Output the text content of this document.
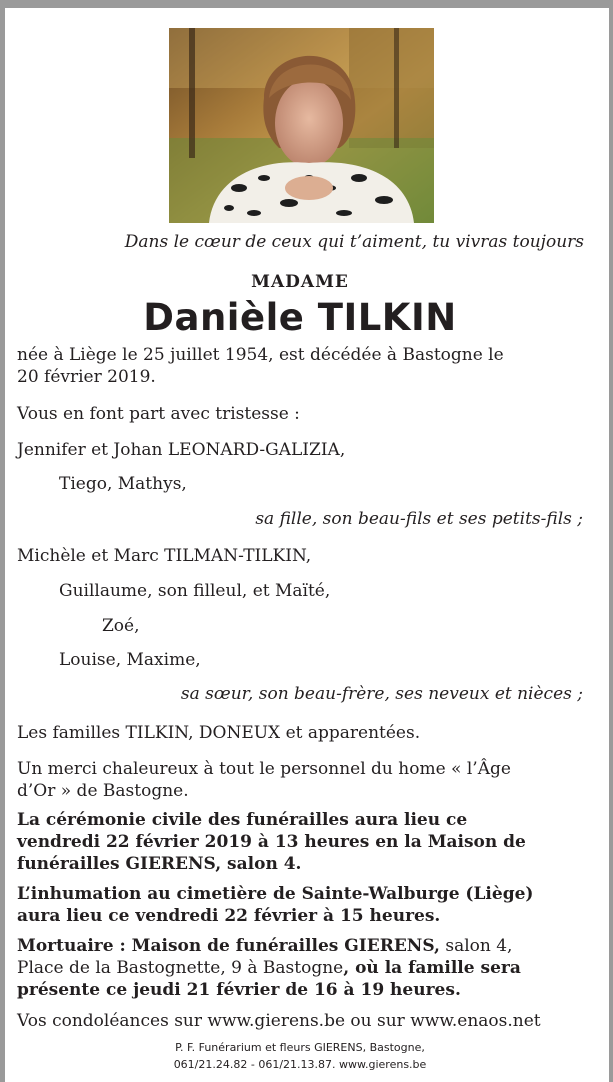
Dans le cœur de ceux qui t’aiment, tu vivras toujours
MADAME
Danièle TILKIN
née à Liège le 25 juillet 1954, est décédée à Bastogne le
20 février 2019.
Vous en font part avec tristesse :
Jennifer et Johan LEONARD-GALIZIA,
Tiego, Mathys,
sa fille, son beau-fils et ses petits-fils ;
Michèle et Marc TILMAN-TILKIN,
Guillaume, son filleul, et Maïté,
Zoé,
Louise, Maxime,
sa sœur, son beau-frère, ses neveux et nièces ;
Les familles TILKIN, DONEUX et apparentées.
Un merci chaleureux à tout le personnel du home « l’Âge
d’Or » de Bastogne.
La cérémonie civile des funérailles aura lieu ce
vendredi 22 février 2019 à 13 heures en la Maison de
funérailles GIERENS, salon 4.
L’inhumation au cimetière de Sainte-Walburge (Liège)
aura lieu ce vendredi 22 février à 15 heures.
Mortuaire : Maison de funérailles GIERENS, salon 4,
Place de la Bastognette, 9 à Bastogne, où la famille sera
présente ce jeudi 21 février de 16 à 19 heures.
Vos condoléances sur www.gierens.be ou sur www.enaos.net
P. F. Funérarium et fleurs GIERENS, Bastogne,
061/21.24.82 - 061/21.13.87. www.gierens.be
